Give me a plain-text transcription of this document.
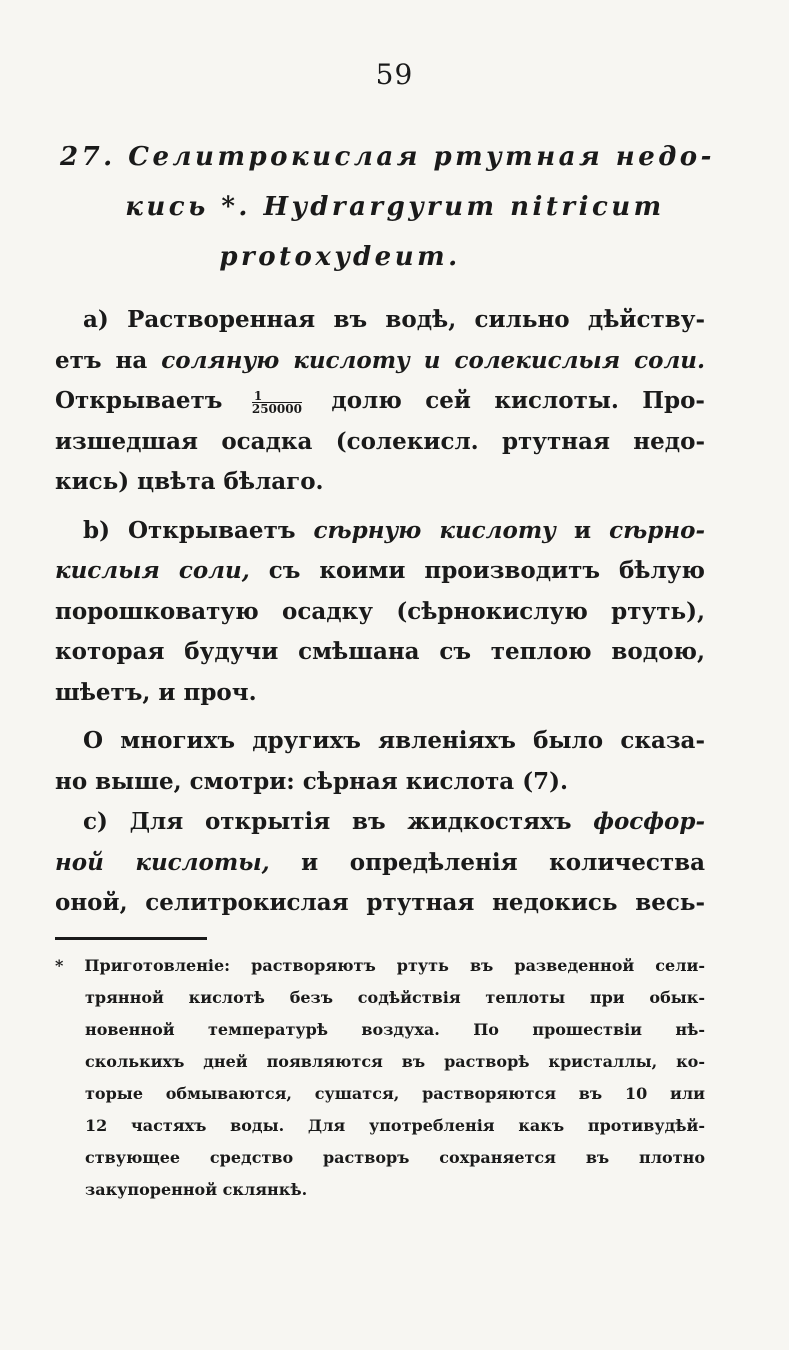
59
27. Селитрокислая ртутная недо-
кись *. Hydrargyrum nitricum
protoxydeum.
a) Растворенная въ водѣ, сильно дѣйству-
етъ на соляную кислоту и солекислыя соли.
Открываетъ $\frac{1}{250000}$ долю сей кислоты. Про-
изшедшая осадка (солекисл. ртутная недо-
кись) цвѣта бѣлаго.
b) Открываетъ сѣрную кислоту и сѣрно-
кислыя соли, съ коими производитъ бѣлую
порошковатую осадку (сѣрнокислую ртуть),
которая будучи смѣшана съ теплою водою,
шѣетъ, и проч.
О многихъ другихъ явленіяхъ было сказа-
но выше, смотри: сѣрная кислота (7).
c) Для открытія въ жидкостяхъ фосфор-
ной кислоты, и опредѣленія количества
оной, селитрокислая ртутная недокись весь-
* Приготовленіе: растворяютъ ртуть въ разведенной сели-
трянной кислотѣ безъ содѣйствія теплоты при обык-
новенной температурѣ воздуха. По прошествіи нѣ-
сколькихъ дней появляются въ растворѣ кристаллы, ко-
торые обмываются, сушатся, растворяются въ 10 или
12 частяхъ воды. Для употребленія какъ противудѣй-
ствующее средство растворъ сохраняется въ плотно
закупоренной склянкѣ.
